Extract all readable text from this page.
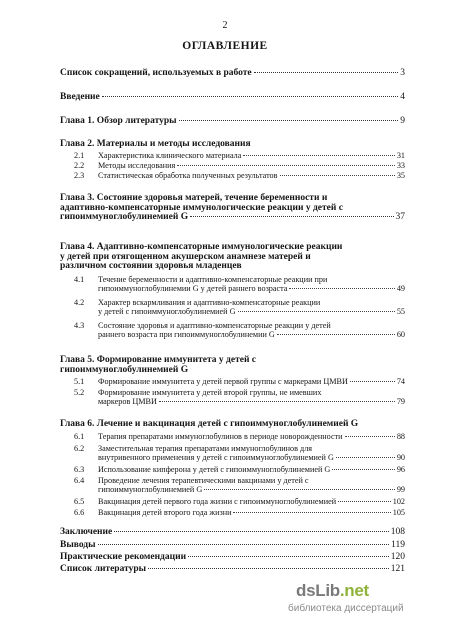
2
ОГЛАВЛЕНИЕ
Список сокращений, используемых в работе	3
Введение	4
Глава 1. Обзор литературы	9
Глава 2. Материалы и методы исследования
2.1 Характеристика клинического материала	31
2.2 Методы исследования	33
2.3 Статистическая обработка полученных результатов	35
Глава 3. Состояние здоровья матерей, течение беременности и
адаптивно-компенсаторные иммунологические реакции у детей с
гипоиммуноглобулинемией G	37
Глава 4. Адаптивно-компенсаторные иммунологические реакции
у детей при отягощенном акушерском анамнезе матерей и
различном состоянии здоровья младенцев
4.1 Течение беременности и адаптивно-компенсаторные реакции при
гипоиммуноглобулинемии G у детей раннего возраста	49
4.2 Характер вскармливания и адаптивно-компенсаторные реакции
у детей с гипоиммуноглобулинемией G	55
4.3 Состояние здоровья и адаптивно-компенсаторные реакции у детей
раннего возраста при гипоиммуноглобулинемии G	60
Глава 5. Формирование иммунитета у детей с
гипоиммуноглобулинемией G
5.1 Формирование иммунитета у детей первой группы с маркерами ЦМВИ	74
5.2 Формирование иммунитета у детей второй группы, не имевших
маркеров ЦМВИ	79
Глава 6. Лечение и вакцинация детей с гипоиммуноглобулинемией G
6.1 Терапия препаратами иммуноглобулинов в периоде новорожденности	88
6.2 Заместительная терапия препаратами иммуноглобулинов для
внутривенного применения у детей с гипоиммуноглобулинемией G	90
6.3 Использование кипферона у детей с гипоиммуноглобулинемией G	96
6.4 Проведение лечения терапевтическими вакцинами у детей с
гипоиммуноглобулинемией G	99
6.5 Вакцинация детей первого года жизни с гипоиммуноглобулинемией	102
6.6 Вакцинация детей второго года жизни	105
Заключение	108
Выводы	119
Практические рекомендации	120
Список литературы	121
dsLib.net
библиотека диссертаций
